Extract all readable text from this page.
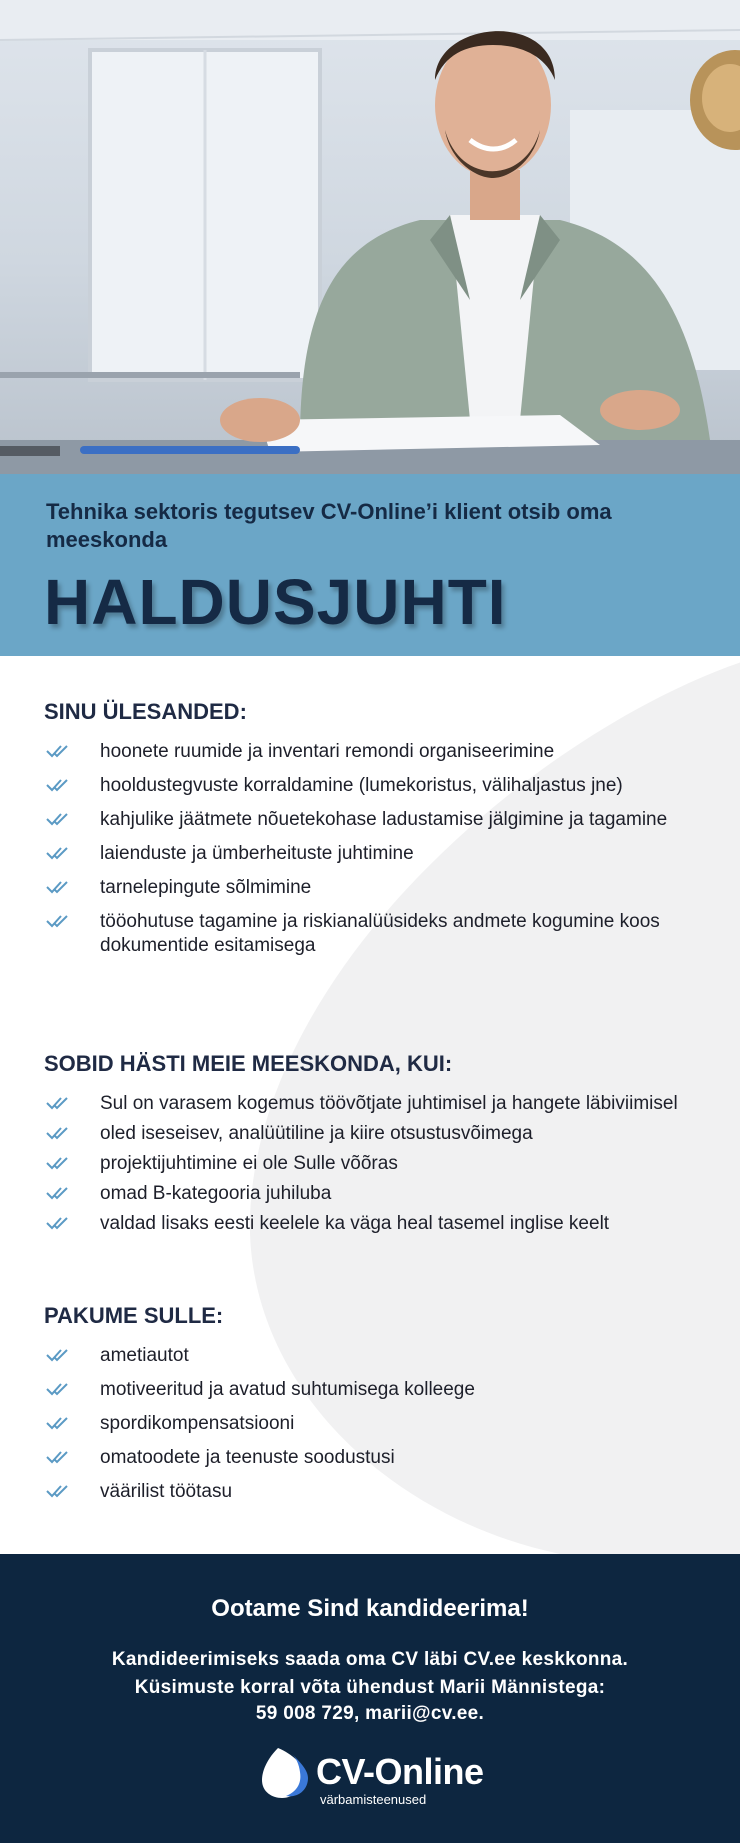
Tehnika sektoris tegutsev CV-Online’i klient otsib oma meeskonda

HALDUSJUHTI
SINU ÜLESANDED:
hoonete ruumide ja inventari remondi organiseerimine
hooldustegvuste korraldamine (lumekoristus, välihaljastus jne)
kahjulike jäätmete nõuetekohase ladustamise jälgimine ja tagamine
laienduste ja ümberheituste juhtimine
tarnelepingute sõlmimine
tööohutuse tagamine ja riskianalüüsideks andmete kogumine koos dokumentide esitamisega
SOBID HÄSTI MEIE MEESKONDA, KUI:
Sul on varasem kogemus töövõtjate juhtimisel ja hangete läbiviimisel
oled iseseisev, analüütiline ja kiire otsustusvõimega
projektijuhtimine ei ole Sulle võõras
omad B-kategooria juhiluba
valdad lisaks eesti keelele ka väga heal tasemel inglise keelt
PAKUME SULLE:
ametiautot
motiveeritud ja avatud suhtumisega kolleege
spordikompensatsiooni
omatoodete ja teenuste soodustusi
väärilist töötasu

Ootame Sind kandideerima!

Kandideerimiseks saada oma CV läbi CV.ee keskkonna.

Küsimuste korral võta ühendust Marii Männistega:

59 008 729, marii@cv.ee.

CV-Online
värbamisteenused
